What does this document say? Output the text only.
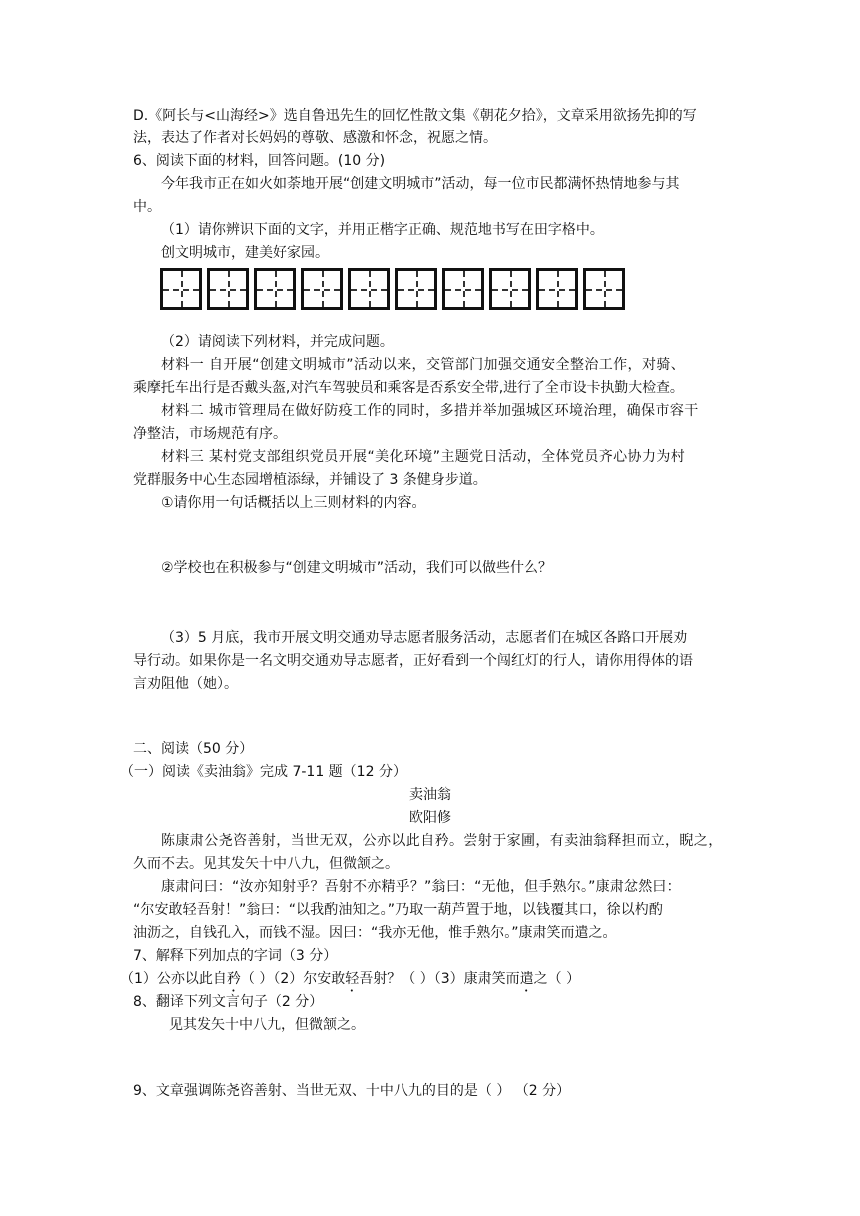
D.《阿长与<山海经>》选自鲁迅先生的回忆性散文集《朝花夕拾》，文章采用欲扬先抑的写
法，表达了作者对长妈妈的尊敬、感激和怀念，祝愿之情。
6、阅读下面的材料，回答问题。(10 分)
今年我市正在如火如荼地开展“创建文明城市”活动，每一位市民都满怀热情地参与其
中。
（1）请你辨识下面的文字，并用正楷字正确、规范地书写在田字格中。
创文明城市，建美好家园。
（2）请阅读下列材料，并完成问题。
材料一 自开展“创建文明城市”活动以来，交管部门加强交通安全整治工作，对骑、
乘摩托车出行是否戴头盔,对汽车驾驶员和乘客是否系安全带,进行了全市设卡执勤大检查。
材料二 城市管理局在做好防疫工作的同时，多措并举加强城区环境治理，确保市容干
净整洁，市场规范有序。
材料三 某村党支部组织党员开展“美化环境”主题党日活动，全体党员齐心协力为村
党群服务中心生态园增植添绿，并铺设了 3 条健身步道。
①请你用一句话概括以上三则材料的内容。
②学校也在积极参与“创建文明城市”活动，我们可以做些什么？
（3）5 月底，我市开展文明交通劝导志愿者服务活动，志愿者们在城区各路口开展劝
导行动。如果你是一名文明交通劝导志愿者，正好看到一个闯红灯的行人，请你用得体的语
言劝阻他（她）。
二、阅读（50 分）
（一）阅读《卖油翁》完成 7-11 题（12 分）
卖油翁
欧阳修
陈康肃公尧咨善射，当世无双，公亦以此自矜。尝射于家圃，有卖油翁释担而立，睨之，
久而不去。见其发矢十中八九，但微颔之。
康肃问曰：“汝亦知射乎？吾射不亦精乎？”翁曰：“无他，但手熟尔。”康肃忿然曰：
“尔安敢轻吾射！”翁曰：“以我酌油知之。”乃取一葫芦置于地，以钱覆其口，徐以杓酌
油沥之，自钱孔入，而钱不湿。因曰：“我亦无他，惟手熟尔。”康肃笑而遣之。
7、解释下列加点的字词（3 分）
（1）公亦以此自矜（ ）（2）尔安敢轻吾射？（ ）（3）康肃笑而遣之（ ）
8、翻译下列文言句子（2 分）
见其发矢十中八九，但微颔之。
9、文章强调陈尧咨善射、当世无双、十中八九的目的是（ ） （2 分）
